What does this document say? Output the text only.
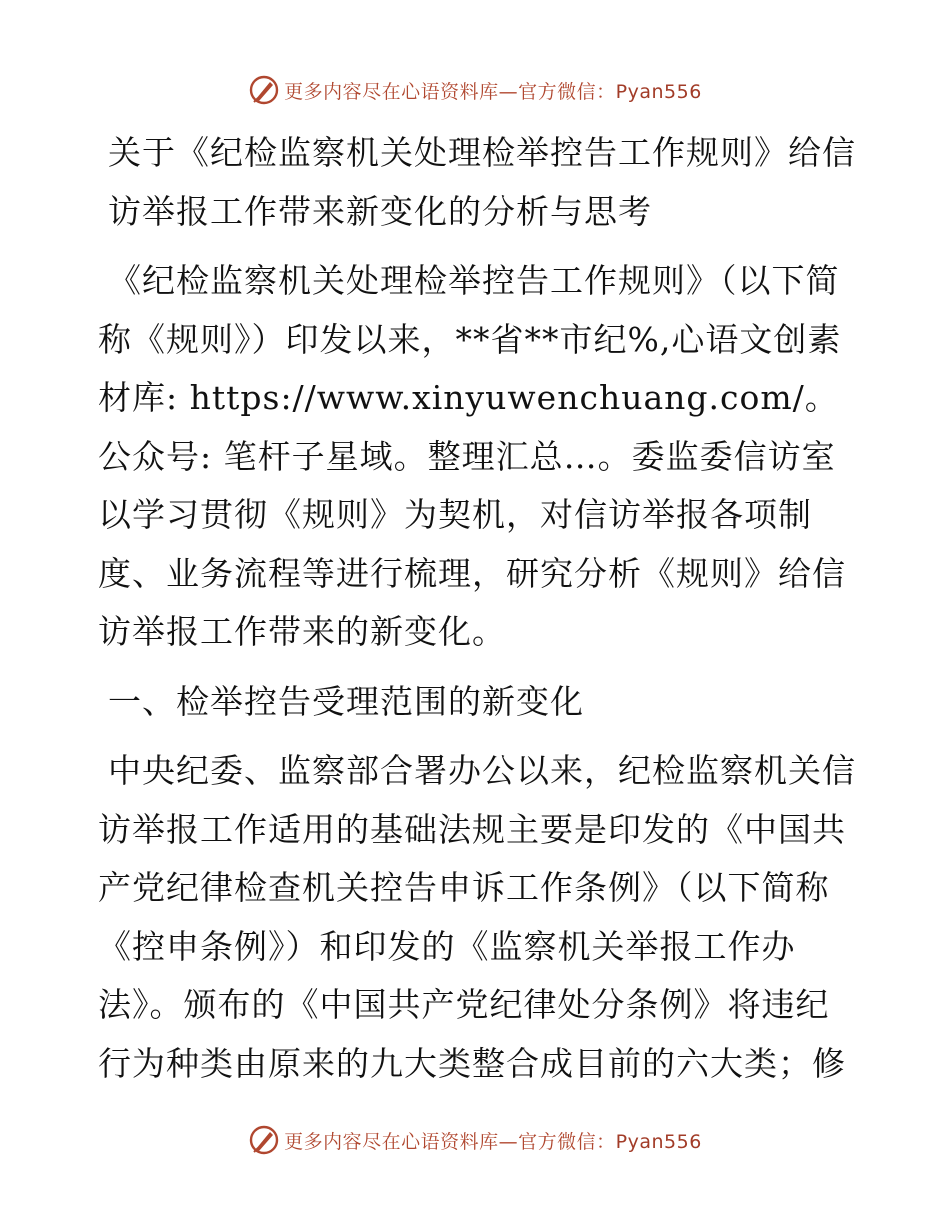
更多内容尽在心语资料库—官方微信：Pyan556

关于《纪检监察机关处理检举控告工作规则》给信访举报工作带来新变化的分析与思考

《纪检监察机关处理检举控告工作规则》（以下简称《规则》）印发以来，**省**市纪%,心语文创素材库: https://www.xinyuwenchuang.com/。公众号: 笔杆子星域。整理汇总…。委监委信访室以学习贯彻《规则》为契机，对信访举报各项制度、业务流程等进行梳理，研究分析《规则》给信访举报工作带来的新变化。

一、检举控告受理范围的新变化

中央纪委、监察部合署办公以来，纪检监察机关信访举报工作适用的基础法规主要是印发的《中国共产党纪律检查机关控告申诉工作条例》（以下简称《控申条例》）和印发的《监察机关举报工作办法》。颁布的《中国共产党纪律处分条例》将违纪行为种类由原来的九大类整合成目前的六大类；修

更多内容尽在心语资料库—官方微信：Pyan556
